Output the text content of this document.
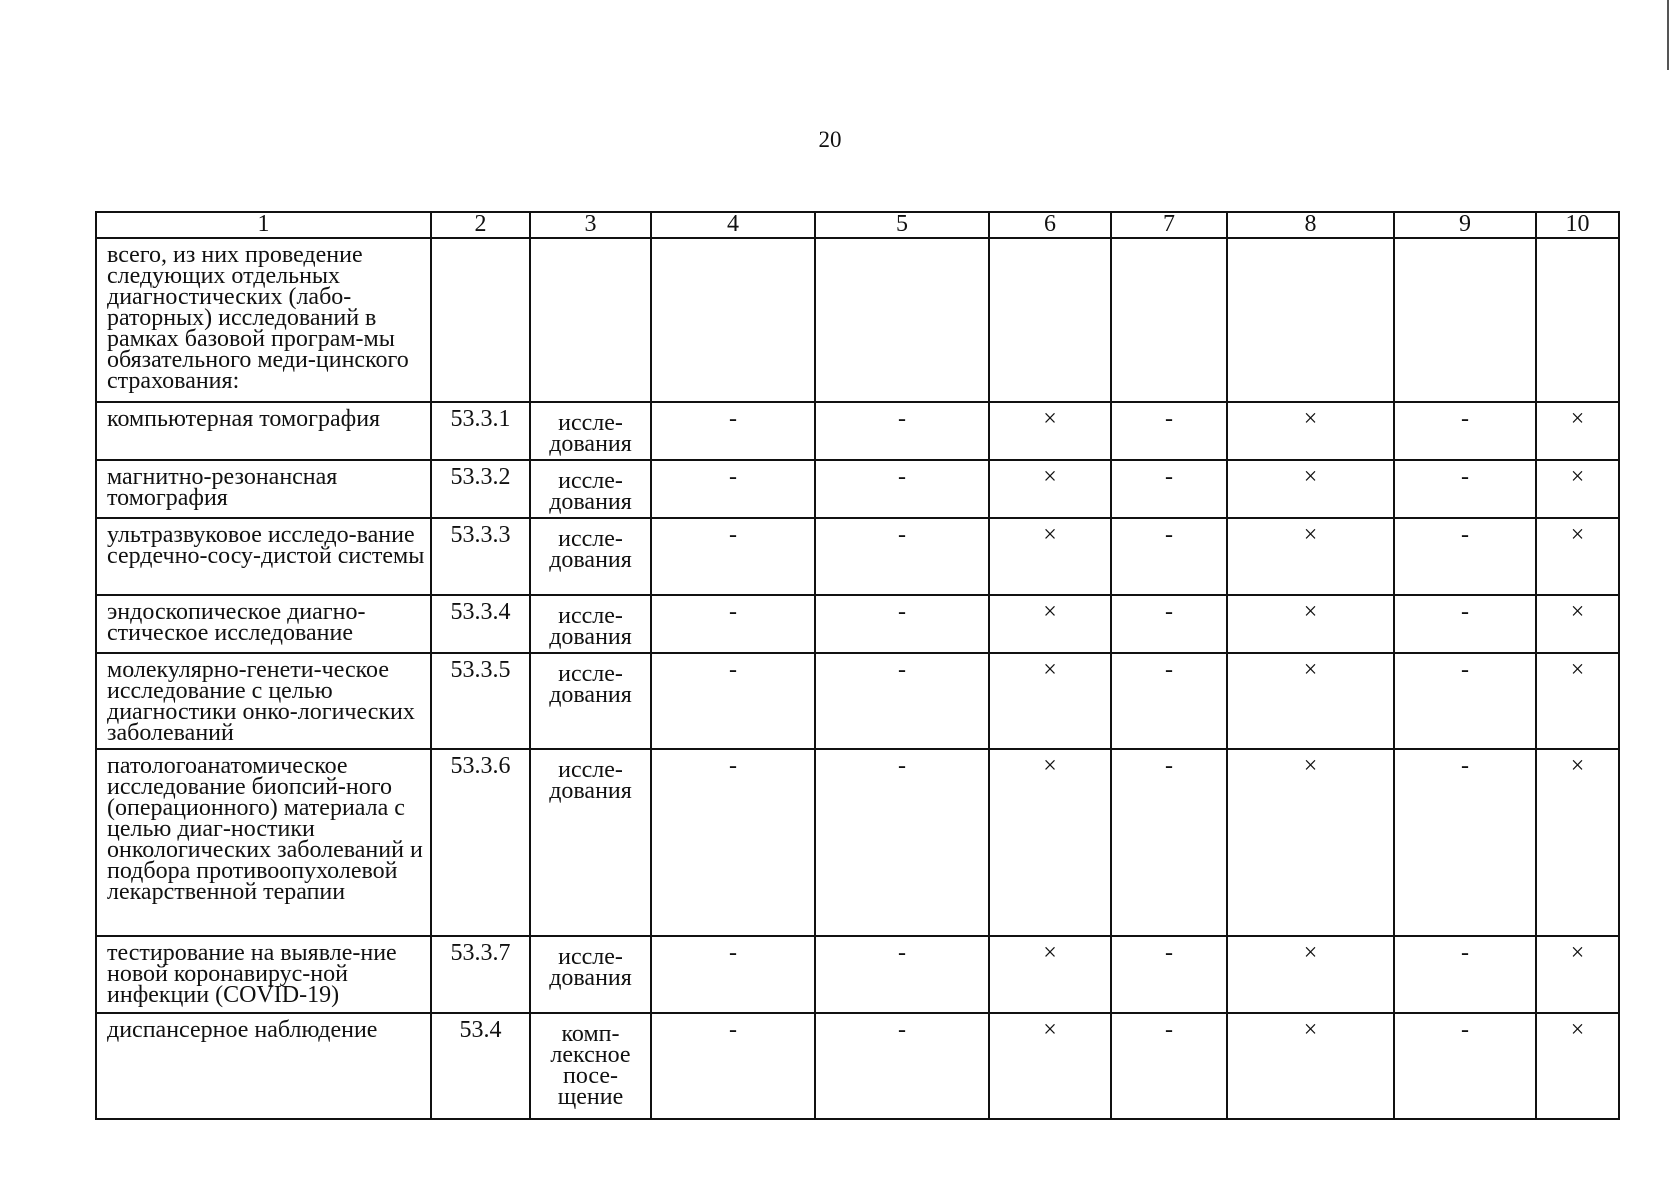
20
1	2	3	4	5	6	7	8	9	10
всего, из них проведение следующих отдельных диагностических (лабо-раторных) исследований в рамках базовой програм-мы обязательного меди-цинского страхования:									
компьютерная томография	53.3.1	иссле-дования	-	-	×	-	×	-	×
магнитно-резонансная томография	53.3.2	иссле-дования	-	-	×	-	×	-	×
ультразвуковое исследо-вание сердечно-сосу-дистой системы	53.3.3	иссле-дования	-	-	×	-	×	-	×
эндоскопическое диагно-стическое исследование	53.3.4	иссле-дования	-	-	×	-	×	-	×
молекулярно-генети-ческое исследование с целью диагностики онко-логических заболеваний	53.3.5	иссле-дования	-	-	×	-	×	-	×
патологоанатомическое исследование биопсий-ного (операционного) материала с целью диаг-ностики онкологических заболеваний и подбора противоопухолевой лекарственной терапии	53.3.6	иссле-дования	-	-	×	-	×	-	×
тестирование на выявле-ние новой коронавирус-ной инфекции (COVID-19)	53.3.7	иссле-дования	-	-	×	-	×	-	×
диспансерное наблюдение	53.4	комп-лексное посе-щение	-	-	×	-	×	-	×
